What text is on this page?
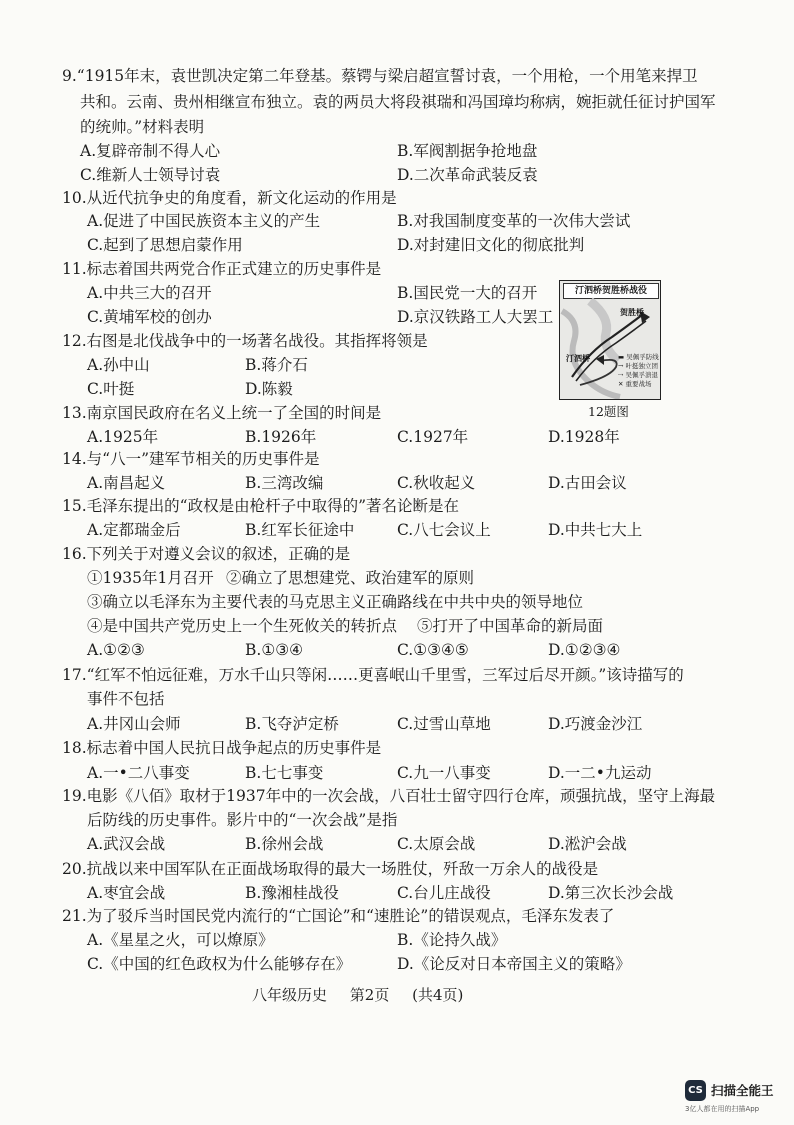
9.“1915年末，袁世凯决定第二年登基。蔡锷与梁启超宣誓讨袁，一个用枪，一个用笔来捍卫
共和。云南、贵州相继宣布独立。袁的两员大将段祺瑞和冯国璋均称病，婉拒就任征讨护国军
的统帅。”材料表明
A.复辟帝制不得人心	B.军阀割据争抢地盘
C.维新人士领导讨袁	D.二次革命武装反袁
10.从近代抗争史的角度看，新文化运动的作用是
A.促进了中国民族资本主义的产生	B.对我国制度变革的一次伟大尝试
C.起到了思想启蒙作用	D.对封建旧文化的彻底批判
11.标志着国共两党合作正式建立的历史事件是
A.中共三大的召开	B.国民党一大的召开
C.黄埔军校的创办	D.京汉铁路工人大罢工
12.右图是北伐战争中的一场著名战役。其指挥将领是
A.孙中山	B.蒋介石
C.叶挺	D.陈毅
汀泗桥贺胜桥战役
贺胜桥
汀泗桥	▬ 吴佩孚防线
→ 叶挺独立团
⇢ 吴佩孚溃退
✕ 重要战场
12题图
13.南京国民政府在名义上统一了全国的时间是
A.1925年	B.1926年	C.1927年	D.1928年
14.与“八一”建军节相关的历史事件是
A.南昌起义	B.三湾改编	C.秋收起义	D.古田会议
15.毛泽东提出的“政权是由枪杆子中取得的”著名论断是在
A.定都瑞金后	B.红军长征途中	C.八七会议上	D.中共七大上
16.下列关于对遵义会议的叙述，正确的是
①1935年1月召开 ②确立了思想建党、政治建军的原则
③确立以毛泽东为主要代表的马克思主义正确路线在中共中央的领导地位
④是中国共产党历史上一个生死攸关的转折点 ⑤打开了中国革命的新局面
A.①②③	B.①③④	C.①③④⑤	D.①②③④
17.“红军不怕远征难，万水千山只等闲……更喜岷山千里雪，三军过后尽开颜。”该诗描写的
事件不包括
A.井冈山会师	B.飞夺泸定桥	C.过雪山草地	D.巧渡金沙江
18.标志着中国人民抗日战争起点的历史事件是
A.一•二八事变	B.七七事变	C.九一八事变	D.一二•九运动
19.电影《八佰》取材于1937年中的一次会战，八百壮士留守四行仓库，顽强抗战，坚守上海最
后防线的历史事件。影片中的“一次会战”是指
A.武汉会战	B.徐州会战	C.太原会战	D.淞沪会战
20.抗战以来中国军队在正面战场取得的最大一场胜仗，歼敌一万余人的战役是
A.枣宜会战	B.豫湘桂战役	C.台儿庄战役	D.第三次长沙会战
21.为了驳斥当时国民党内流行的“亡国论”和“速胜论”的错误观点，毛泽东发表了
A.《星星之火，可以燎原》	B.《论持久战》
C.《中国的红色政权为什么能够存在》	D.《论反对日本帝国主义的策略》
八年级历史 第2页 (共4页)
CS 扫描全能王
3亿人都在用的扫描App
